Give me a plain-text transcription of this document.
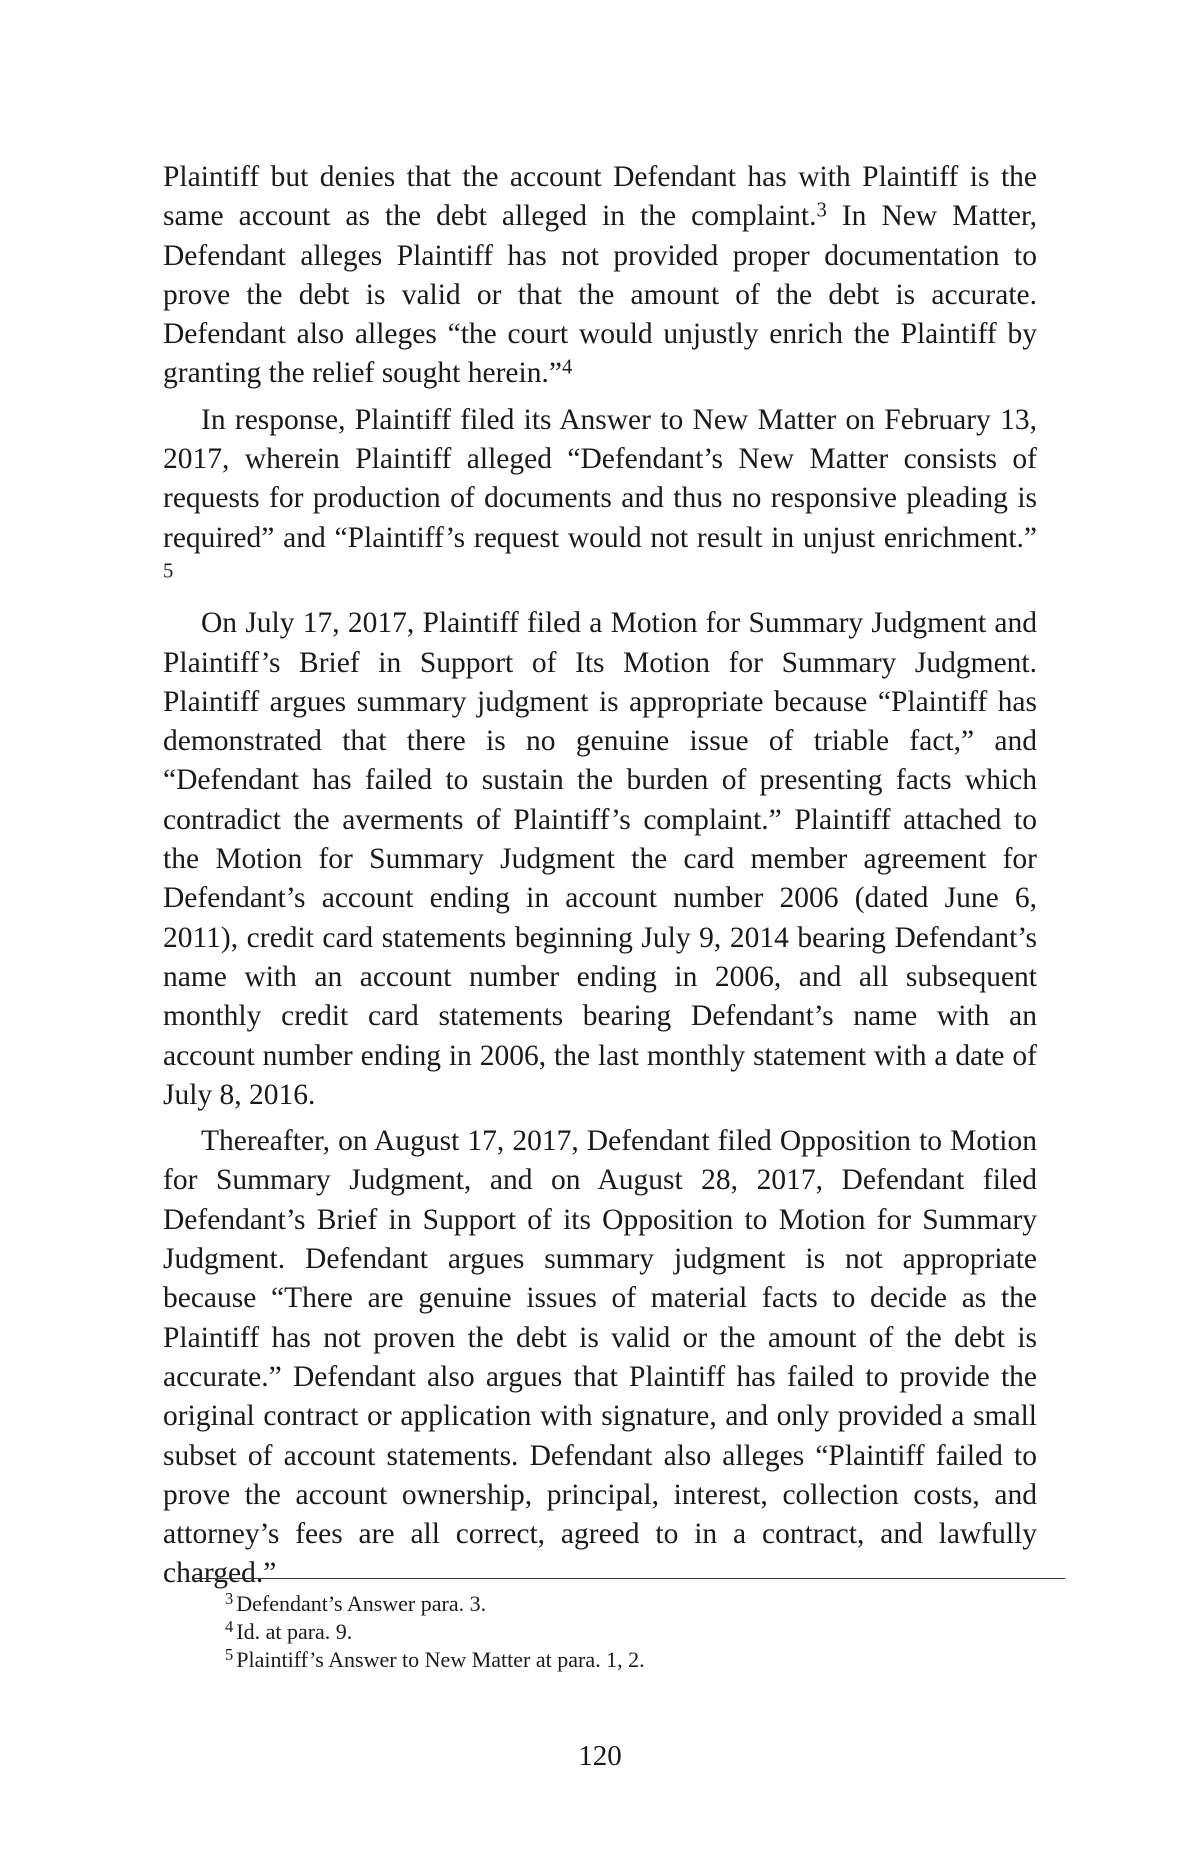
Plaintiff but denies that the account Defendant has with Plaintiff is the same account as the debt alleged in the complaint.$^3$ In New Matter, Defendant alleges Plaintiff has not provided proper documentation to prove the debt is valid or that the amount of the debt is accurate. Defendant also alleges “the court would unjustly enrich the Plaintiff by granting the relief sought herein.”$^4$

In response, Plaintiff filed its Answer to New Matter on February 13, 2017, wherein Plaintiff alleged “Defendant’s New Matter consists of requests for production of documents and thus no responsive pleading is required” and “Plaintiff’s request would not result in unjust enrichment.” $^5$

On July 17, 2017, Plaintiff filed a Motion for Summary Judgment and Plaintiff’s Brief in Support of Its Motion for Summary Judgment. Plaintiff argues summary judgment is appropriate because “Plaintiff has demonstrated that there is no genuine issue of triable fact,” and “Defendant has failed to sustain the burden of presenting facts which contradict the averments of Plaintiff’s complaint.” Plaintiff attached to the Motion for Summary Judgment the card member agreement for Defendant’s account ending in account number 2006 (dated June 6, 2011), credit card statements beginning July 9, 2014 bearing Defendant’s name with an account number ending in 2006, and all subsequent monthly credit card statements bearing Defendant’s name with an account number ending in 2006, the last monthly statement with a date of July 8, 2016.

Thereafter, on August 17, 2017, Defendant filed Opposition to Motion for Summary Judgment, and on August 28, 2017, Defendant filed Defendant’s Brief in Support of its Opposition to Motion for Summary Judgment. Defendant argues summary judgment is not appropriate because “There are genuine issues of material facts to decide as the Plaintiff has not proven the debt is valid or the amount of the debt is accurate.” Defendant also argues that Plaintiff has failed to provide the original contract or application with signature, and only provided a small subset of account statements. Defendant also alleges “Plaintiff failed to prove the account ownership, principal, interest, collection costs, and attorney’s fees are all correct, agreed to in a contract, and lawfully charged.”

$^3$ Defendant’s Answer para. 3.

$^4$ Id. at para. 9.

$^5$ Plaintiff’s Answer to New Matter at para. 1, 2.

120
